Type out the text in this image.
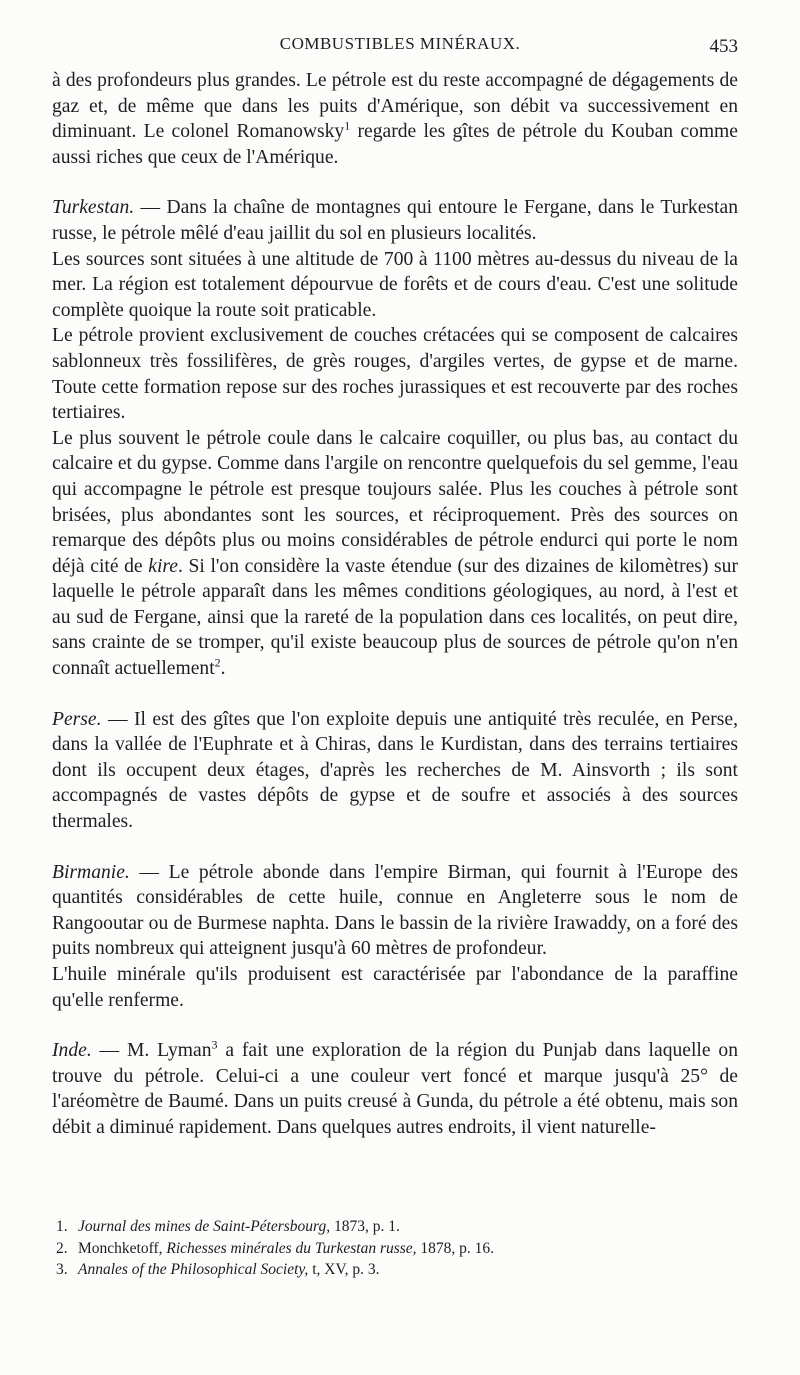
COMBUSTIBLES MINÉRAUX.	453

à des profondeurs plus grandes. Le pétrole est du reste accompagné de dégagements de gaz et, de même que dans les puits d'Amérique, son débit va successivement en diminuant. Le colonel Romanowsky$^1$ regarde les gîtes de pétrole du Kouban comme aussi riches que ceux de l'Amérique.

Turkestan. — Dans la chaîne de montagnes qui entoure le Fergane, dans le Turkestan russe, le pétrole mêlé d'eau jaillit du sol en plusieurs localités.

Les sources sont situées à une altitude de 700 à 1100 mètres au-dessus du niveau de la mer. La région est totalement dépourvue de forêts et de cours d'eau. C'est une solitude complète quoique la route soit praticable.

Le pétrole provient exclusivement de couches crétacées qui se composent de calcaires sablonneux très fossilifères, de grès rouges, d'argiles vertes, de gypse et de marne. Toute cette formation repose sur des roches jurassiques et est recouverte par des roches tertiaires.

Le plus souvent le pétrole coule dans le calcaire coquiller, ou plus bas, au contact du calcaire et du gypse. Comme dans l'argile on rencontre quelquefois du sel gemme, l'eau qui accompagne le pétrole est presque toujours salée. Plus les couches à pétrole sont brisées, plus abondantes sont les sources, et réciproquement. Près des sources on remarque des dépôts plus ou moins considérables de pétrole endurci qui porte le nom déjà cité de kire. Si l'on considère la vaste étendue (sur des dizaines de kilomètres) sur laquelle le pétrole apparaît dans les mêmes conditions géologiques, au nord, à l'est et au sud de Fergane, ainsi que la rareté de la population dans ces localités, on peut dire, sans crainte de se tromper, qu'il existe beaucoup plus de sources de pétrole qu'on n'en connaît actuellement$^2$.

Perse. — Il est des gîtes que l'on exploite depuis une antiquité très reculée, en Perse, dans la vallée de l'Euphrate et à Chiras, dans le Kurdistan, dans des terrains tertiaires dont ils occupent deux étages, d'après les recherches de M. Ainsvorth ; ils sont accompagnés de vastes dépôts de gypse et de soufre et associés à des sources thermales.

Birmanie. — Le pétrole abonde dans l'empire Birman, qui fournit à l'Europe des quantités considérables de cette huile, connue en Angleterre sous le nom de Rangooutar ou de Burmese naphta. Dans le bassin de la rivière Irawaddy, on a foré des puits nombreux qui atteignent jusqu'à 60 mètres de profondeur.

L'huile minérale qu'ils produisent est caractérisée par l'abondance de la paraffine qu'elle renferme.

Inde. — M. Lyman$^3$ a fait une exploration de la région du Punjab dans laquelle on trouve du pétrole. Celui-ci a une couleur vert foncé et marque jusqu'à 25° de l'aréomètre de Baumé. Dans un puits creusé à Gunda, du pétrole a été obtenu, mais son débit a diminué rapidement. Dans quelques autres endroits, il vient naturelle-

1. Journal des mines de Saint-Pétersbourg, 1873, p. 1.

2. Monchketoff, Richesses minérales du Turkestan russe, 1878, p. 16.

3. Annales of the Philosophical Society, t, XV, p. 3.
